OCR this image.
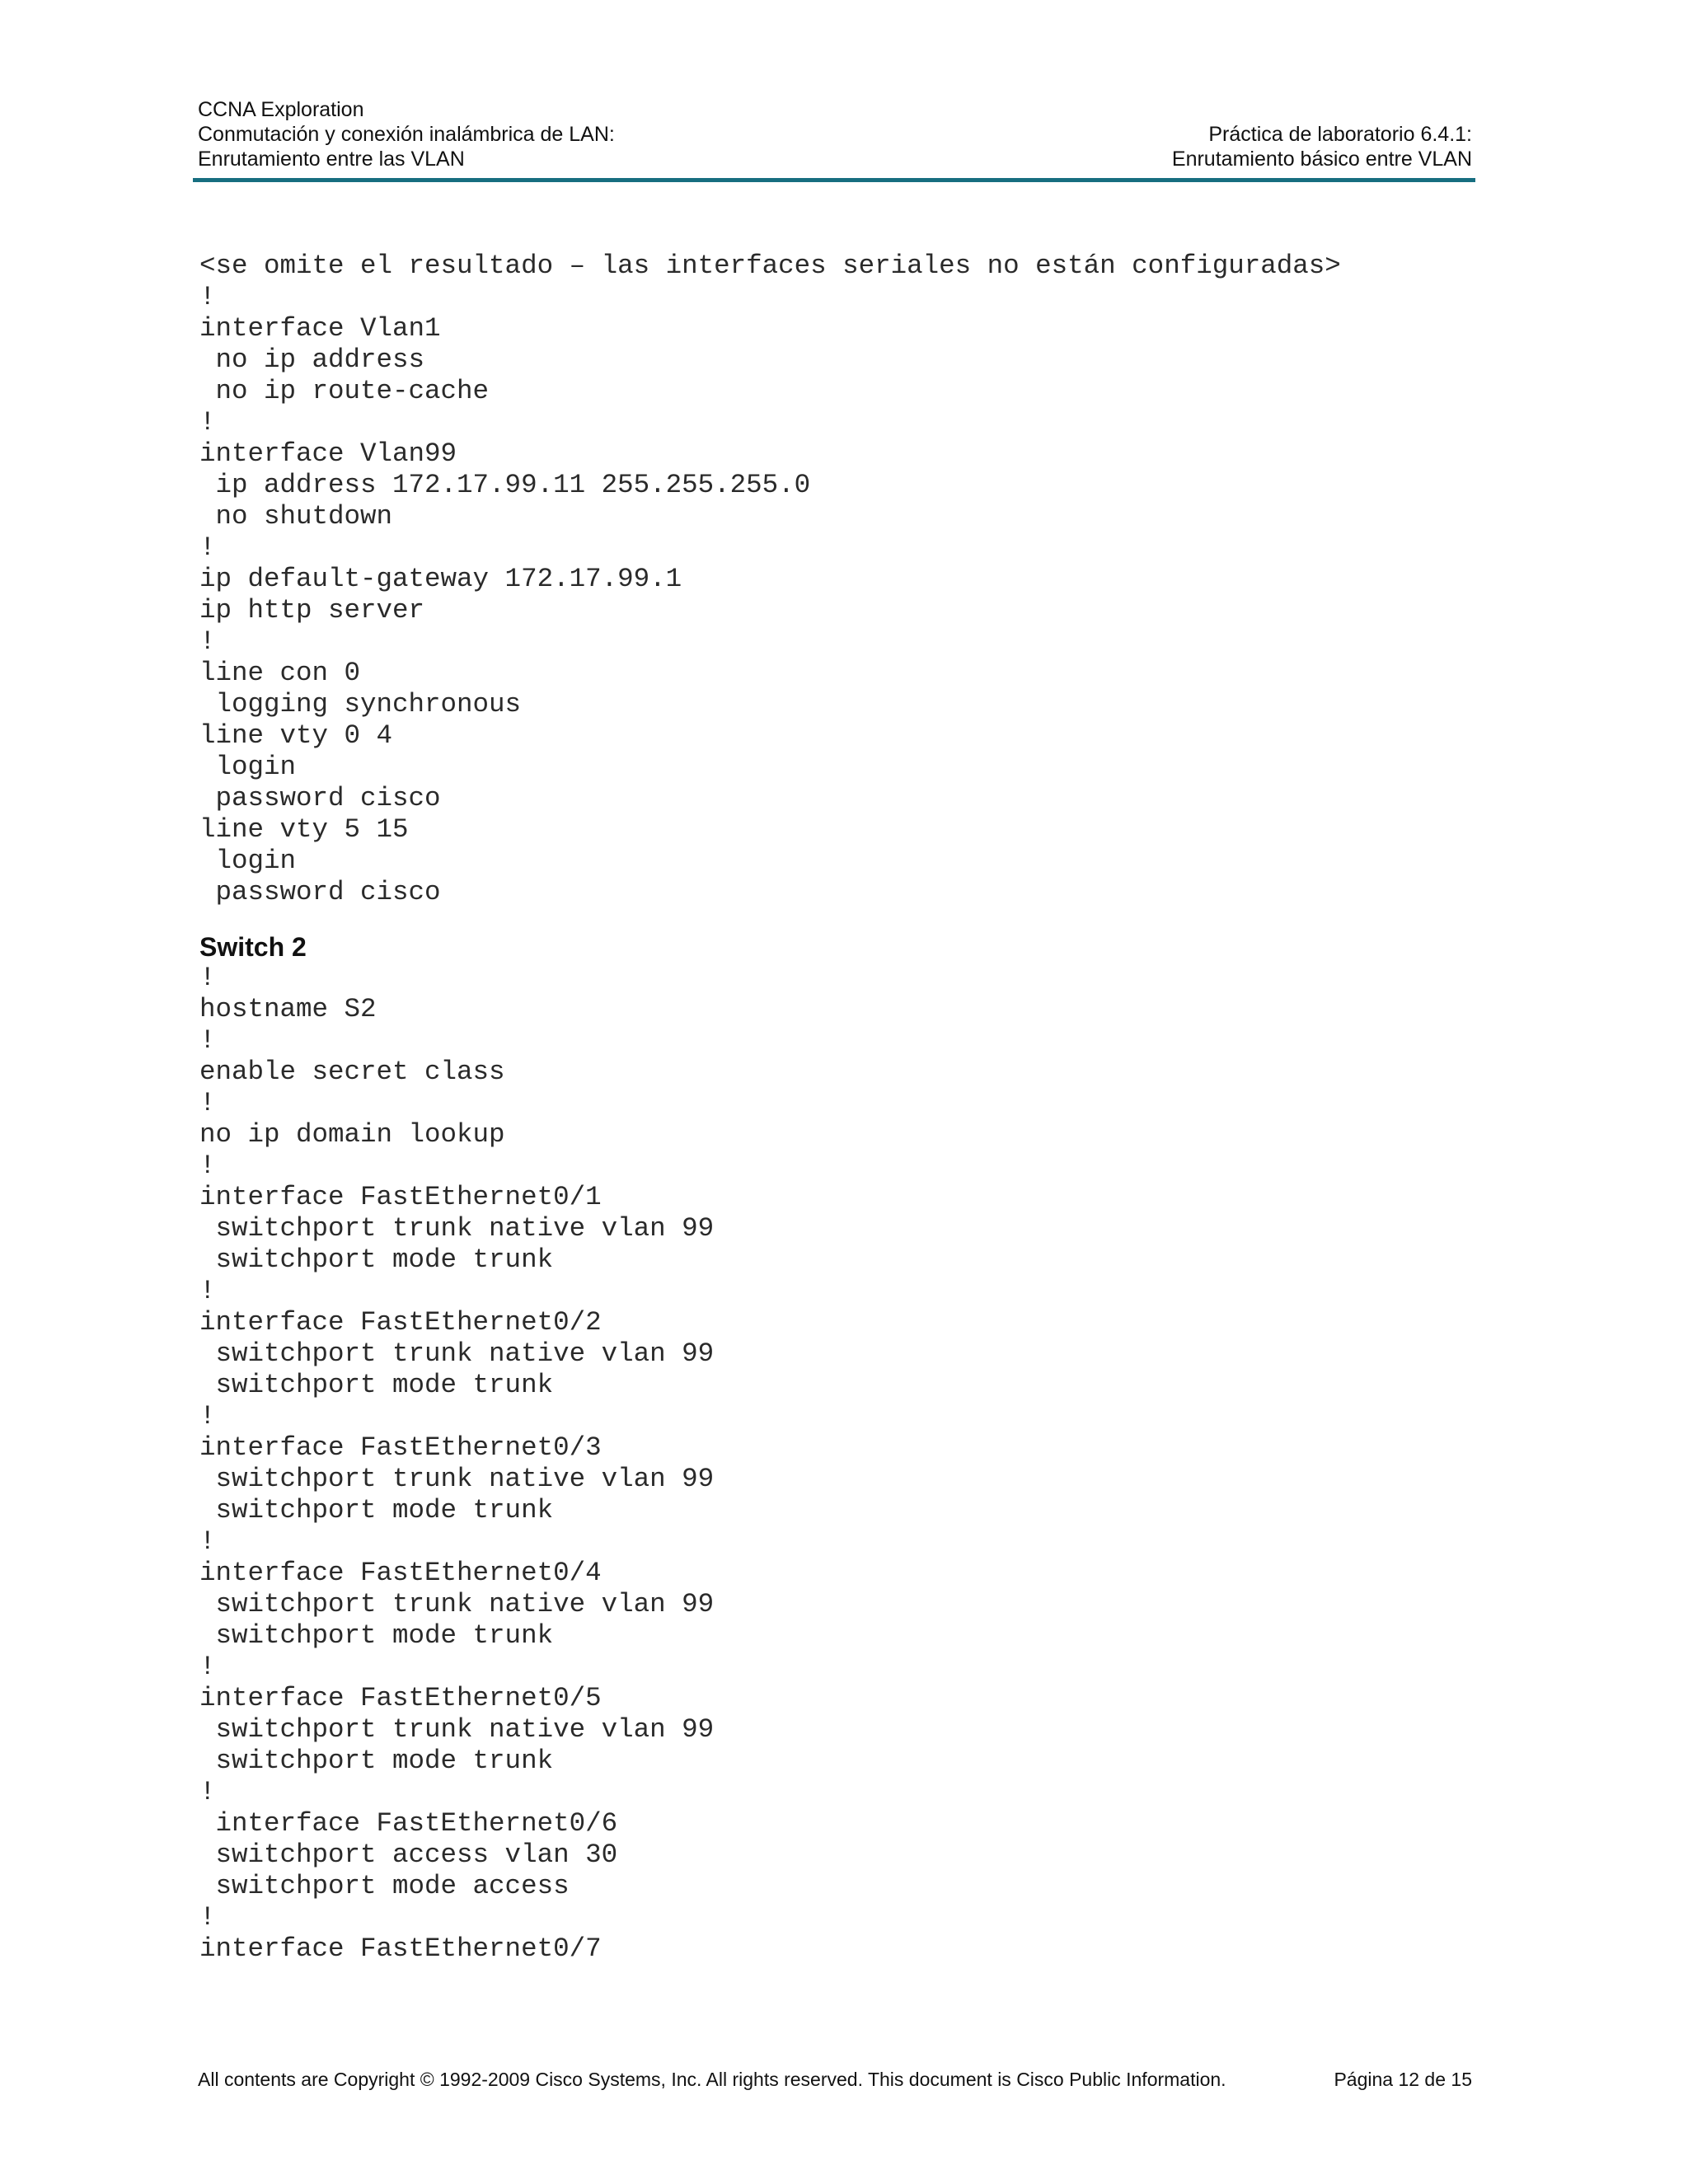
CCNA Exploration
Conmutación y conexión inalámbrica de LAN:
Enrutamiento entre las VLAN
Práctica de laboratorio 6.4.1:
Enrutamiento básico entre VLAN
<se omite el resultado – las interfaces seriales no están configuradas>
!
interface Vlan1
no ip address
no ip route-cache
!
interface Vlan99
ip address 172.17.99.11 255.255.255.0
no shutdown
!
ip default-gateway 172.17.99.1
ip http server
!
line con 0
logging synchronous
line vty 0 4
login
password cisco
line vty 5 15
login
password cisco
Switch 2
!
hostname S2
!
enable secret class
!
no ip domain lookup
!
interface FastEthernet0/1
switchport trunk native vlan 99
switchport mode trunk
!
interface FastEthernet0/2
switchport trunk native vlan 99
switchport mode trunk
!
interface FastEthernet0/3
switchport trunk native vlan 99
switchport mode trunk
!
interface FastEthernet0/4
switchport trunk native vlan 99
switchport mode trunk
!
interface FastEthernet0/5
switchport trunk native vlan 99
switchport mode trunk
!
interface FastEthernet0/6
switchport access vlan 30
switchport mode access
!
interface FastEthernet0/7
All contents are Copyright © 1992-2009 Cisco Systems, Inc. All rights reserved. This document is Cisco Public Information.	Página 12 de 15
